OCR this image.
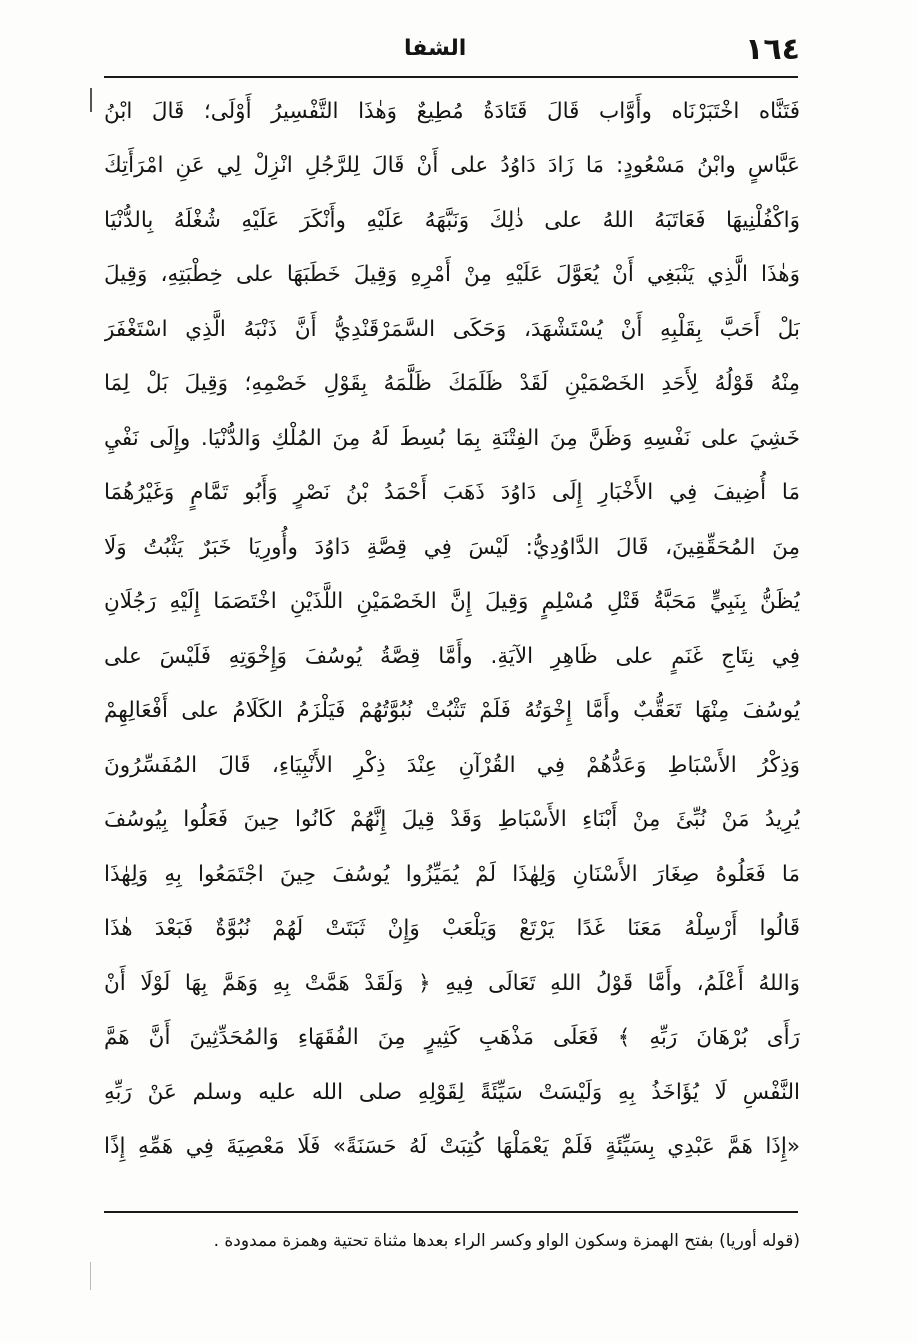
١٦٤
الشفا
فَتَنَّاه اخْتَبَرْنَاه وأَوَّاب قَالَ قَتَادَةُ مُطِيعٌ وَهٰذَا التَّفْسِيرُ أَوْلَى؛ قَالَ ابْنُ
عَبَّاسٍ وابْنُ مَسْعُودٍ: مَا زَادَ دَاوُدُ على أَنْ قَالَ لِلرَّجُلِ انْزِلْ لِي عَنِ امْرَأَتِكَ
وَاكْفُلْنِيهَا فَعَاتَبَهُ اللهُ على ذٰلِكَ وَنَبَّهَهُ عَلَيْهِ وأَنْكَرَ عَلَيْهِ شُغْلَهُ بِالدُّنْيَا
وَهٰذَا الَّذِي يَنْبَغِي أَنْ يُعَوَّلَ عَلَيْهِ مِنْ أَمْرِهِ وَقِيلَ خَطَبَهَا على خِطْبَتِهِ، وَقِيلَ
بَلْ أَحَبَّ بِقَلْبِهِ أَنْ يُسْتَشْهَدَ، وَحَكَى السَّمَرْقَنْدِيُّ أَنَّ ذَنْبَهُ الَّذِي اسْتَغْفَرَ
مِنْهُ قَوْلُهُ لِأَحَدِ الخَصْمَيْنِ لَقَدْ ظَلَمَكَ ظَلَّمَهُ بِقَوْلِ خَصْمِهِ؛ وَقِيلَ بَلْ لِمَا
خَشِيَ على نَفْسِهِ وَظَنَّ مِنَ الفِتْنَةِ بِمَا بُسِطَ لَهُ مِنَ المُلْكِ وَالدُّنْيَا. وإِلَى نَفْيِ
مَا أُضِيفَ فِي الأَخْبَارِ إِلَى دَاوُدَ ذَهَبَ أَحْمَدُ بْنُ نَصْرٍ وَأَبُو تَمَّامٍ وَغَيْرُهُمَا
مِنَ المُحَقِّقِينَ، قَالَ الدَّاوُدِيُّ: لَيْسَ فِي قِصَّةِ دَاوُدَ وأُورِيَا خَبَرٌ يَثْبُتُ وَلَا
يُظَنُّ بِنَبِيٍّ مَحَبَّةُ قَتْلِ مُسْلِمٍ وَقِيلَ إِنَّ الخَصْمَيْنِ اللَّذَيْنِ اخْتَصَمَا إِلَيْهِ رَجُلَانِ
فِي نِتَاجِ غَنَمٍ على ظَاهِرِ الآيَةِ. وأَمَّا قِصَّةُ يُوسُفَ وَإِخْوَتِهِ فَلَيْسَ على
يُوسُفَ مِنْهَا تَعَقُّبٌ وأَمَّا إِخْوَتُهُ فَلَمْ تَثْبُتْ نُبُوَّتُهُمْ فَيَلْزَمُ الكَلَامُ على أَفْعَالِهِمْ
وَذِكْرُ الأَسْبَاطِ وَعَدُّهُمْ فِي القُرْآنِ عِنْدَ ذِكْرِ الأَنْبِيَاءِ، قَالَ المُفَسِّرُونَ
يُرِيدُ مَنْ نُبِّئَ مِنْ أَبْنَاءِ الأَسْبَاطِ وَقَدْ قِيلَ إِنَّهُمْ كَانُوا حِينَ فَعَلُوا بِيُوسُفَ
مَا فَعَلُوهُ صِغَارَ الأَسْنَانِ وَلِهٰذَا لَمْ يُمَيِّزُوا يُوسُفَ حِينَ اجْتَمَعُوا بِهِ وَلِهٰذَا
قَالُوا أَرْسِلْهُ مَعَنَا غَدًا يَرْتَعْ وَيَلْعَبْ وَإِنْ ثَبَتَتْ لَهُمْ نُبُوَّةٌ فَبَعْدَ هٰذَا
وَاللهُ أَعْلَمُ، وأَمَّا قَوْلُ اللهِ تَعَالَى فِيهِ ﴿ وَلَقَدْ هَمَّتْ بِهِ وَهَمَّ بِهَا لَوْلَا أَنْ
رَأَى بُرْهَانَ رَبِّهِ ﴾ فَعَلَى مَذْهَبِ كَثِيرٍ مِنَ الفُقَهَاءِ وَالمُحَدِّثِينَ أَنَّ هَمَّ
النَّفْسِ لَا يُؤَاخَذُ بِهِ وَلَيْسَتْ سَيِّئَةً لِقَوْلِهِ صلى الله عليه وسلم عَنْ رَبِّهِ
«إِذَا هَمَّ عَبْدِي بِسَيِّئَةٍ فَلَمْ يَعْمَلْهَا كُتِبَتْ لَهُ حَسَنَةً» فَلَا مَعْصِيَةَ فِي هَمِّهِ إِذًا
(قوله أوريا) بفتح الهمزة وسكون الواو وكسر الراء بعدها مثناة تحتية وهمزة ممدودة .
